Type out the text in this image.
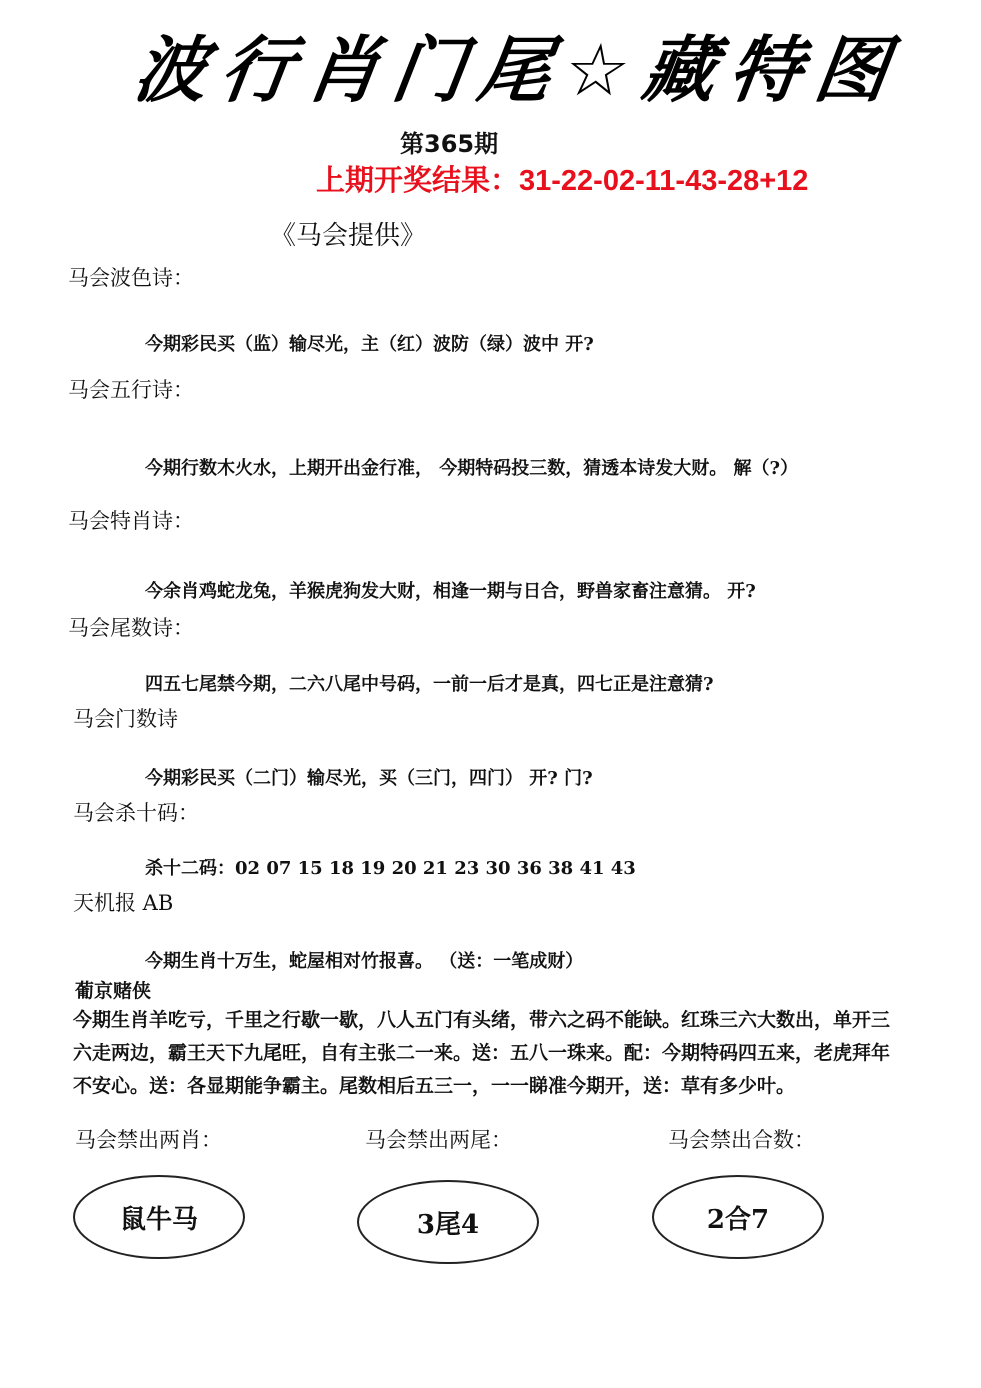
波行肖门尾☆藏特图
第365期
上期开奖结果：31-22-02-11-43-28+12
《马会提供》
马会波色诗：
今期彩民买（监）输尽光，主（红）波防（绿）波中 开?
马会五行诗：
今期行数木火水，上期开出金行准， 今期特码投三数，猜透本诗发大财。 解（?）
马会特肖诗：
今余肖鸡蛇龙兔，羊猴虎狗发大财，相逢一期与日合，野兽家畜注意猜。 开?
马会尾数诗：
四五七尾禁今期，二六八尾中号码，一前一后才是真，四七正是注意猜?
马会门数诗
今期彩民买（二门）输尽光，买（三门，四门） 开? 门?
马会杀十码：
杀十二码：02 07 15 18 19 20 21 23 30 36 38 41 43
天机报 AB
今期生肖十万生，蛇屋相对竹报喜。 （送：一笔成财）
葡京赌侠
今期生肖羊吃亏，千里之行歇一歇，八人五门有头绪，带六之码不能缺。红珠三六大数出，单开三六走两边，霸王天下九尾旺，自有主张二一来。送：五八一珠来。配：今期特码四五来，老虎拜年不安心。送：各显期能争霸主。尾数相后五三一，一一睇准今期开，送：草有多少叶。
马会禁出两肖：	马会禁出两尾：	马会禁出合数：
鼠牛马	3尾4	2合7
